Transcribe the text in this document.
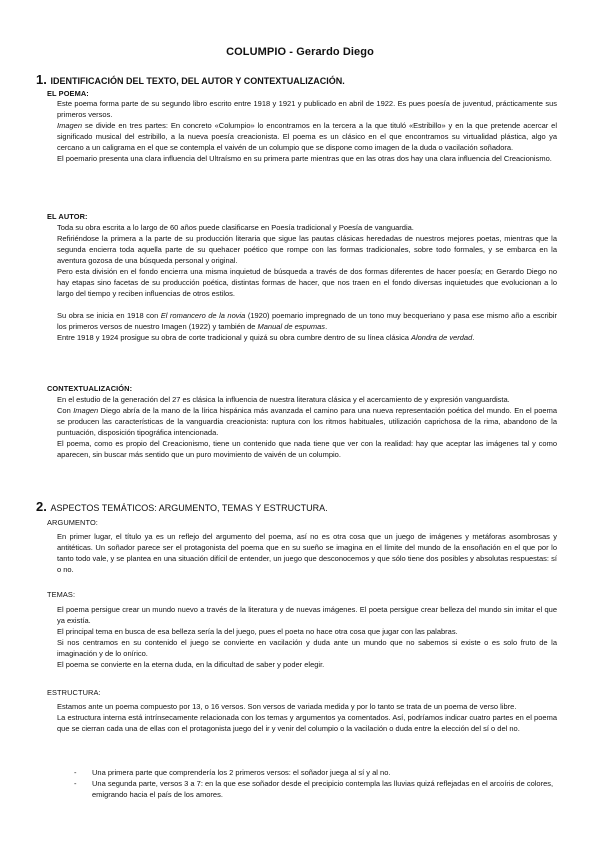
COLUMPIO - Gerardo Diego
1. IDENTIFICACIÓN DEL TEXTO, DEL AUTOR Y CONTEXTUALIZACIÓN.
EL POEMA:

Este poema forma parte de su segundo libro escrito entre 1918 y 1921 y publicado en abril de 1922. Es pues poesía de juventud, prácticamente sus primeros versos.

Imagen se divide en tres partes: En concreto «Columpio» lo encontramos en la tercera a la que tituló «Estribillo» y en la que pretende acercar el significado musical del estribillo, a la nueva poesía creacionista. El poema es un clásico en el que encontramos su virtualidad plástica, algo ya cercano a un caligrama en el que se contempla el vaivén de un columpio que se dispone como imagen de la duda o vacilación soñadora.

El poemario presenta una clara influencia del Ultraísmo en su primera parte mientras que en las otras dos hay una clara influencia del Creacionismo.

EL AUTOR:

Toda su obra escrita a lo largo de 60 años puede clasificarse en Poesía tradicional y Poesía de vanguardia.

Refiriéndose la primera a la parte de su producción literaria que sigue las pautas clásicas heredadas de nuestros mejores poetas, mientras que la segunda encierra toda aquella parte de su quehacer poético que rompe con las formas tradicionales, sobre todo formales, y se embarca en la aventura gozosa de una búsqueda personal y original.

Pero esta división en el fondo encierra una misma inquietud de búsqueda a través de dos formas diferentes de hacer poesía; en Gerardo Diego no hay etapas sino facetas de su producción poética, distintas formas de hacer, que nos traen en el fondo diversas inquietudes que evolucionan a lo largo del tiempo y reciben influencias de otros estilos.

Su obra se inicia en 1918 con El romancero de la novia (1920) poemario impregnado de un tono muy becqueriano y pasa ese mismo año a escribir los primeros versos de nuestro Imagen (1922) y también de Manual de espumas.

Entre 1918 y 1924 prosigue su obra de corte tradicional y quizá su obra cumbre dentro de su línea clásica Alondra de verdad.

CONTEXTUALIZACIÓN:

En el estudio de la generación del 27 es clásica la influencia de nuestra literatura clásica y el acercamiento de y expresión vanguardista.

Con Imagen Diego abría de la mano de la lírica hispánica más avanzada el camino para una nueva representación poética del mundo. En el poema se producen las características de la vanguardia creacionista: ruptura con los ritmos habituales, utilización caprichosa de la rima, abandono de la puntuación, disposición tipográfica intencionada.

El poema, como es propio del Creacionismo, tiene un contenido que nada tiene que ver con la realidad: hay que aceptar las imágenes tal y como aparecen, sin buscar más sentido que un puro movimiento de vaivén de un columpio.

2. ASPECTOS TEMÁTICOS: ARGUMENTO, TEMAS Y ESTRUCTURA.
ARGUMENTO:

En primer lugar, el título ya es un reflejo del argumento del poema, así no es otra cosa que un juego de imágenes y metáforas asombrosas y antitéticas. Un soñador parece ser el protagonista del poema que en su sueño se imagina en el límite del mundo de la ensoñación en el que por lo tanto todo vale, y se plantea en una situación difícil de entender, un juego que desconocemos y que sólo tiene dos posibles y absolutas respuestas: sí o no.

TEMAS:

El poema persigue crear un mundo nuevo a través de la literatura y de nuevas imágenes. El poeta persigue crear belleza del mundo sin imitar el que ya existía.

El principal tema en busca de esa belleza sería la del juego, pues el poeta no hace otra cosa que jugar con las palabras.

Si nos centramos en su contenido el juego se convierte en vacilación y duda ante un mundo que no sabemos si existe o es solo fruto de la imaginación y de lo onírico.

El poema se convierte en la eterna duda, en la dificultad de saber y poder elegir.

ESTRUCTURA:

Estamos ante un poema compuesto por 13, o 16 versos. Son versos de variada medida y por lo tanto se trata de un poema de verso libre.

La estructura interna está intrínsecamente relacionada con los temas y argumentos ya comentados. Así, podríamos indicar cuatro partes en el poema que se cierran cada una de ellas con el protagonista juego del ir y venir del columpio o la vacilación o duda entre la elección del sí o del no.

- Una primera parte que comprendería los 2 primeros versos: el soñador juega al sí y al no.
- Una segunda parte, versos 3 a 7: en la que ese soñador desde el precipicio contempla las lluvias quizá reflejadas en el arcoíris de colores, emigrando hacia el país de los amores.
